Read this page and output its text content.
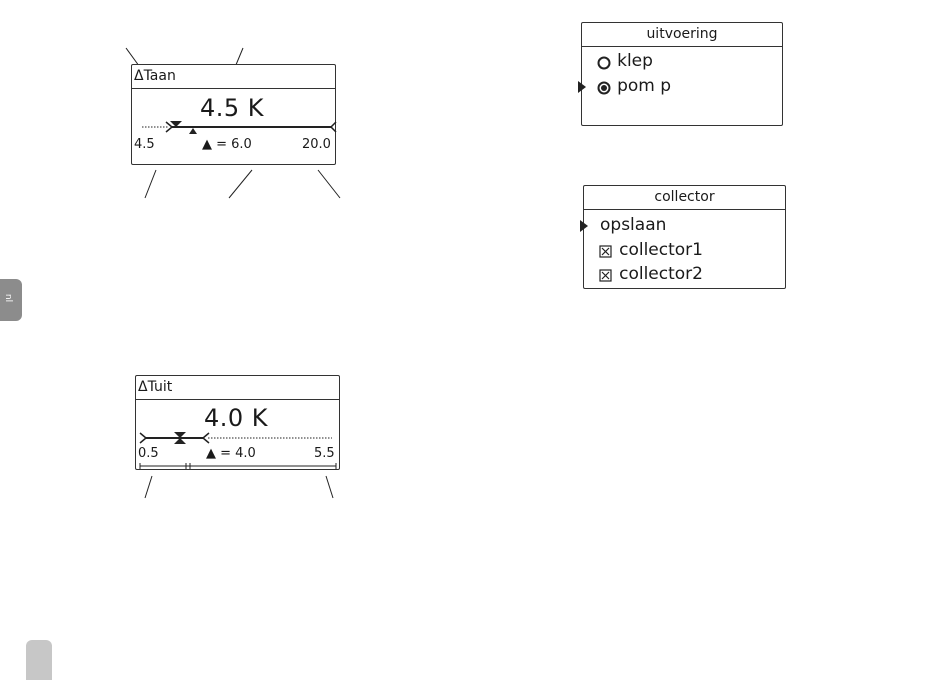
nl
ΔTaan
4.5 K
4.5	▲ = 6.0	20.0
ΔTuit
4.0 K
0.5	▲ = 4.0	5.5
uitvoering
klep
pom p
collector
opslaan
collector1
collector2
